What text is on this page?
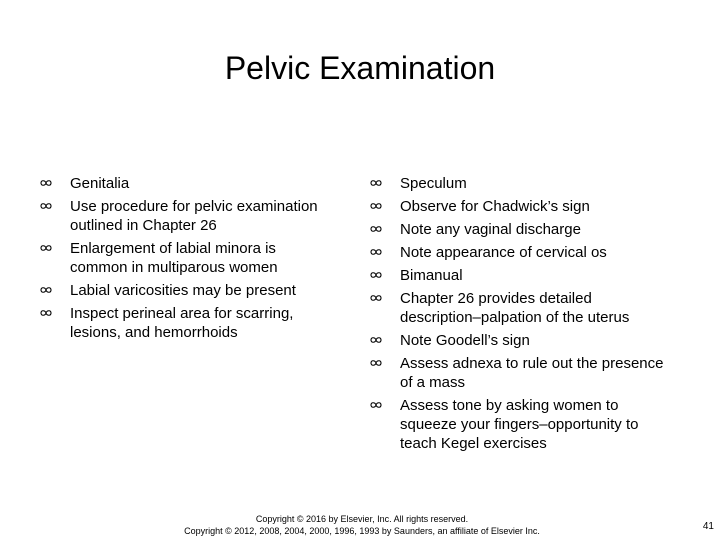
Pelvic Examination
Genitalia
Use procedure for pelvic examination outlined in Chapter 26
Enlargement of labial minora is common in multiparous women
Labial varicosities may be present
Inspect perineal area for scarring, lesions, and hemorrhoids
Speculum
Observe for Chadwick’s sign
Note any vaginal discharge
Note appearance of cervical os
Bimanual
Chapter 26 provides detailed description–palpation of the uterus
Note Goodell’s sign
Assess adnexa to rule out the presence of a mass
Assess tone by asking women to squeeze your fingers–opportunity to teach Kegel exercises
Copyright © 2016 by Elsevier, Inc. All rights reserved.
Copyright © 2012, 2008, 2004, 2000, 1996, 1993 by Saunders, an affiliate of Elsevier Inc.	41
